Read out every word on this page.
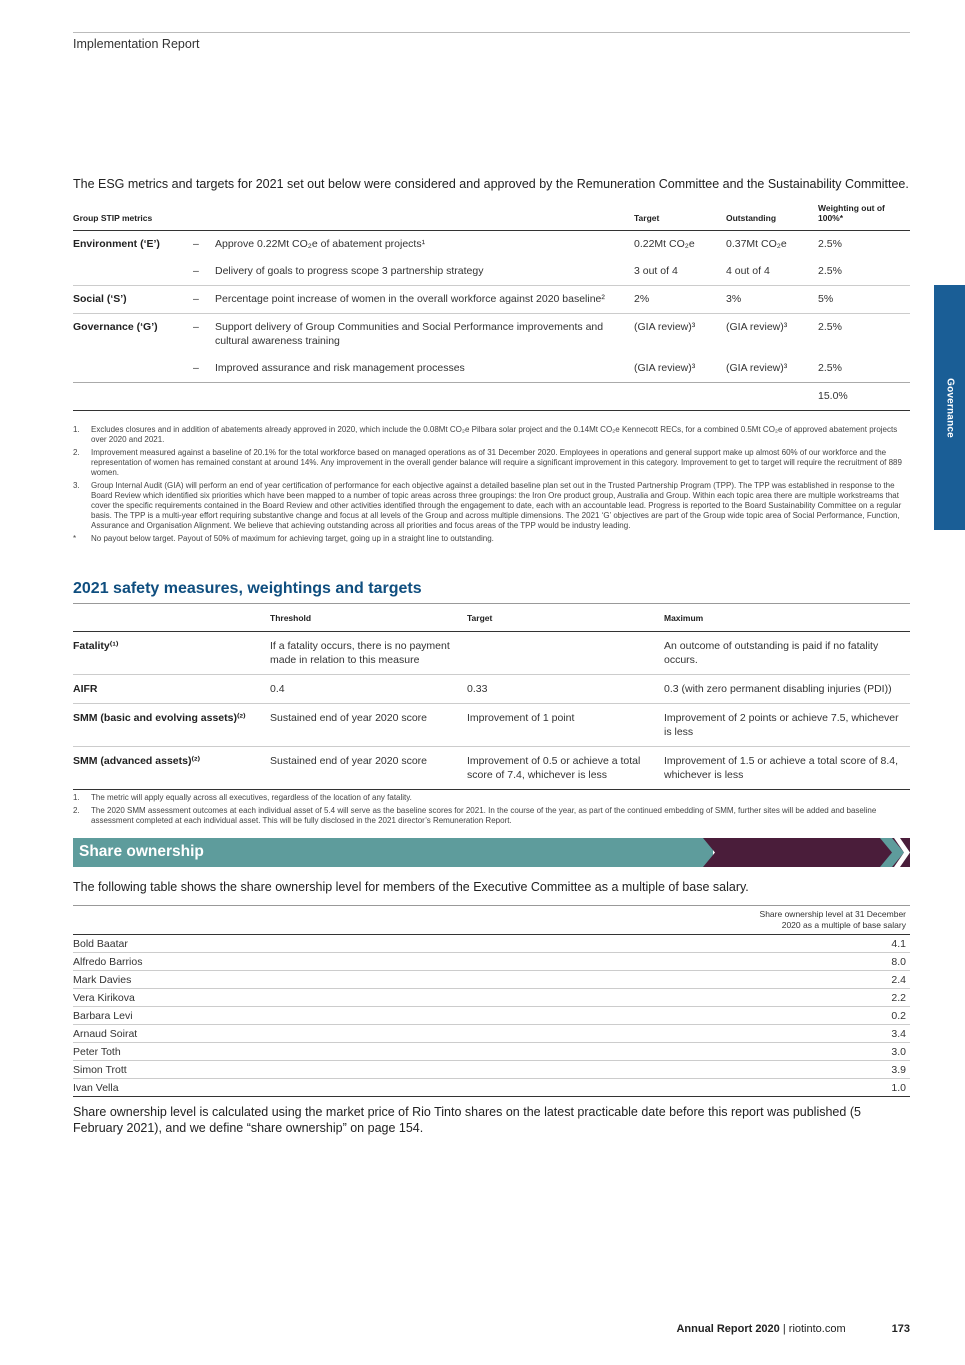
Implementation Report
Governance
The ESG metrics and targets for 2021 set out below were considered and approved by the Remuneration Committee and the Sustainability Committee.
Group STIP metrics			Target	Outstanding	Weighting out of 100%*
Environment (‘E’)	–	Approve 0.22Mt CO₂e of abatement projects¹	0.22Mt CO₂e	0.37Mt CO₂e	2.5%
	–	Delivery of goals to progress scope 3 partnership strategy	3 out of 4	4 out of 4	2.5%
Social (‘S’)	–	Percentage point increase of women in the overall workforce against 2020 baseline²	2%	3%	5%
Governance (‘G’)	–	Support delivery of Group Communities and Social Performance improvements and cultural awareness training	(GIA review)³	(GIA review)³	2.5%
	–	Improved assurance and risk management processes	(GIA review)³	(GIA review)³	2.5%
					15.0%
1.	Excludes closures and in addition of abatements already approved in 2020, which include the 0.08Mt CO₂e Pilbara solar project and the 0.14Mt CO₂e Kennecott RECs, for a combined 0.5Mt CO₂e of approved abatement projects over 2020 and 2021.
2.	Improvement measured against a baseline of 20.1% for the total workforce based on managed operations as of 31 December 2020. Employees in operations and general support make up almost 60% of our workforce and the representation of women has remained constant at around 14%. Any improvement in the overall gender balance will require a significant improvement in this category. Improvement to get to target will require the recruitment of 889 women.
3.	Group Internal Audit (GIA) will perform an end of year certification of performance for each objective against a detailed baseline plan set out in the Trusted Partnership Program (TPP). The TPP was established in response to the Board Review which identified six priorities which have been mapped to a number of topic areas across three groupings: the Iron Ore product group, Australia and Group. Within each topic area there are multiple workstreams that cover the specific requirements contained in the Board Review and other activities identified through the engagement to date, each with an accountable lead. Progress is reported to the Board Sustainability Committee on a regular basis. The TPP is a multi-year effort requiring substantive change and focus at all levels of the Group and across multiple dimensions. The 2021 ‘G’ objectives are part of the Group wide topic area of Social Performance, Function, Assurance and Organisation Alignment. We believe that achieving outstanding across all priorities and focus areas of the TPP would be industry leading.
*	No payout below target. Payout of 50% of maximum for achieving target, going up in a straight line to outstanding.
2021 safety measures, weightings and targets
	Threshold	Target	Maximum
Fatality⁽¹⁾	If a fatality occurs, there is no payment made in relation to this measure		An outcome of outstanding is paid if no fatality occurs.
AIFR	0.4	0.33	0.3 (with zero permanent disabling injuries (PDI))
SMM (basic and evolving assets)⁽²⁾	Sustained end of year 2020 score	Improvement of 1 point	Improvement of 2 points or achieve 7.5, whichever is less
SMM (advanced assets)⁽²⁾	Sustained end of year 2020 score	Improvement of 0.5 or achieve a total score of 7.4, whichever is less	Improvement of 1.5 or achieve a total score of 8.4, whichever is less
1.	The metric will apply equally across all executives, regardless of the location of any fatality.
2.	The 2020 SMM assessment outcomes at each individual asset of 5.4 will serve as the baseline scores for 2021. In the course of the year, as part of the continued embedding of SMM, further sites will be added and baseline assessment completed at each individual asset. This will be fully disclosed in the 2021 director’s Remuneration Report.
Share ownership
The following table shows the share ownership level for members of the Executive Committee as a multiple of base salary.
Share ownership level at 31 December
2020 as a multiple of base salary	

Bold Baatar	4.1
Alfredo Barrios	8.0
Mark Davies	2.4
Vera Kirikova	2.2
Barbara Levi	0.2
Arnaud Soirat	3.4
Peter Toth	3.0
Simon Trott	3.9
Ivan Vella	1.0
Share ownership level is calculated using the market price of Rio Tinto shares on the latest practicable date before this report was published (5 February 2021), and we define “share ownership” on page 154.
Annual Report 2020 | riotinto.com	173
